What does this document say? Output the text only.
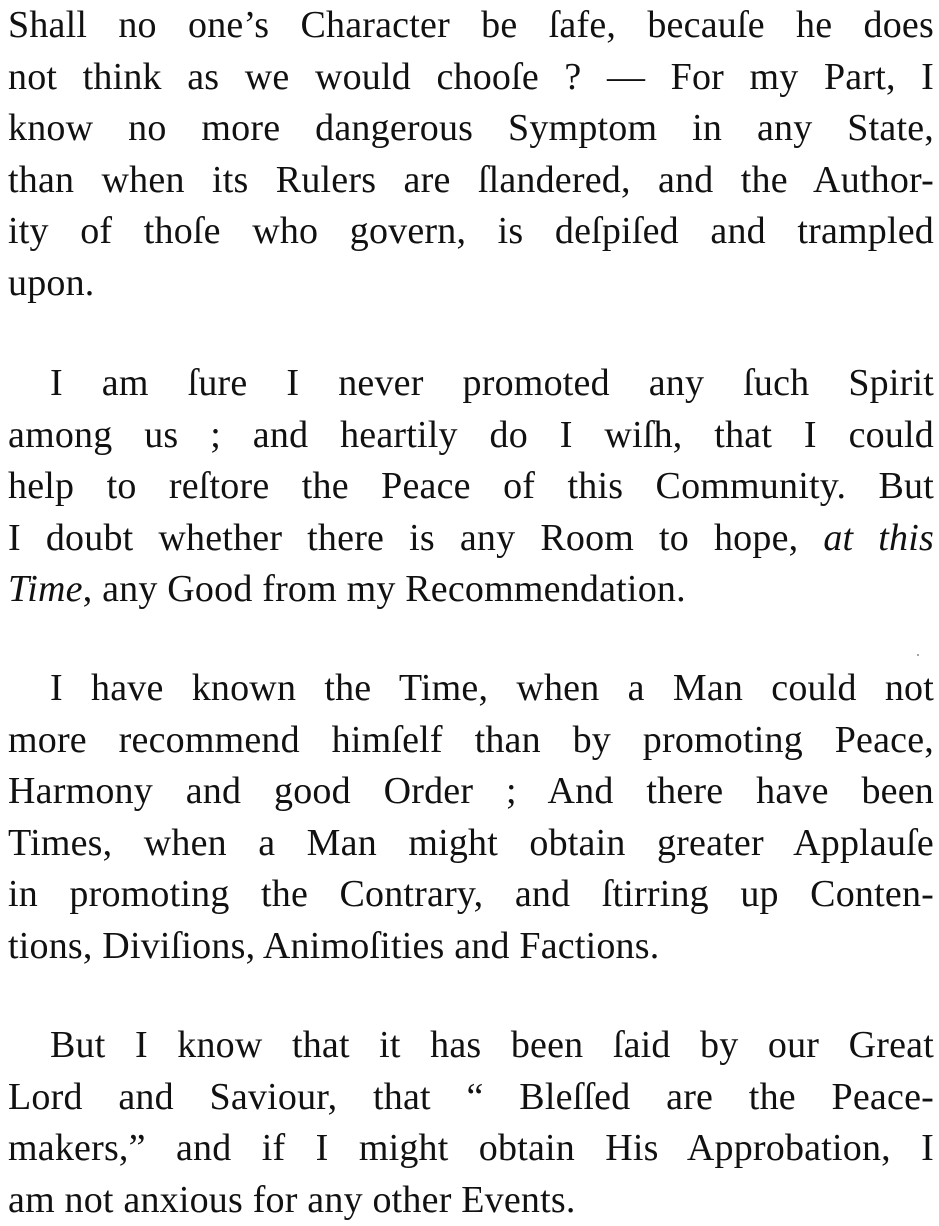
Shall no one’s Character be ſafe, becauſe he does
not think as we would chooſe ? — For my Part, I
know no more dangerous Symptom in any State,
than when its Rulers are ſlandered, and the Author-
ity of thoſe who govern, is deſpiſed and trampled
upon.
I am ſure I never promoted any ſuch Spirit
among us ; and heartily do I wiſh, that I could
help to reſtore the Peace of this Community. But
I doubt whether there is any Room to hope, at this
Time, any Good from my Recommendation.
I have known the Time, when a Man could not
more recommend himſelf than by promoting Peace,
Harmony and good Order ; And there have been
Times, when a Man might obtain greater Applauſe
in promoting the Contrary, and ſtirring up Conten-
tions, Diviſions, Animoſities and Factions.
But I know that it has been ſaid by our Great
Lord and Saviour, that “ Bleſſed are the Peace-
makers,” and if I might obtain His Approbation, I
am not anxious for any other Events.
